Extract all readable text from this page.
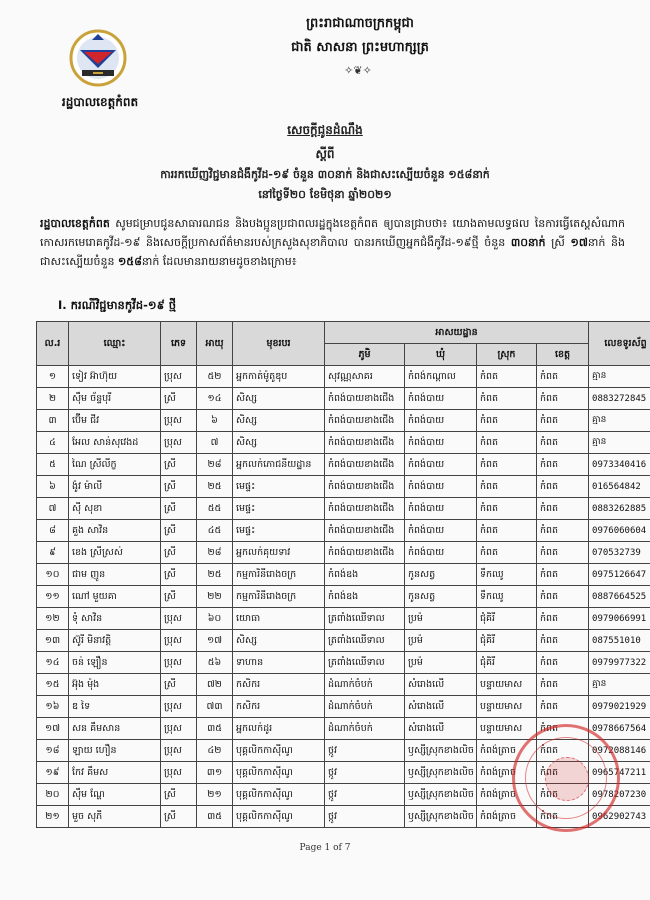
រដ្ឋបាលខេត្តកំពត
ព្រះរាជាណាចក្រកម្ពុជា
ជាតិ សាសនា ព្រះមហាក្សត្រ
✧❦✧
សេចក្តីជូនដំណឹង
ស្តីពី
ការរកឃើញវិជ្ជមានជំងឺកូវីដ-១៩ ចំនួន ៣០នាក់ និងជាសះស្បើយចំនួន ១៥៨នាក់
នៅថ្ងៃទី២០ ខែមិថុនា ឆ្នាំ២០២១
រដ្ឋបាលខេត្តកំពត សូមជម្រាបជូនសាធារណជន និងបងប្អូនប្រជាពលរដ្ឋក្នុងខេត្តកំពត ឲ្យបានជ្រាបថា៖ យោងតាមលទ្ធផល នៃការធ្វើតេស្តសំណាកកោសរកមេរោគកូវីដ-១៩ និងសេចក្តីប្រកាសព័ត៌មានរបស់ក្រសួងសុខាភិបាល បានរកឃើញអ្នកជំងឺកូវីដ-១៩ថ្មី ចំនួន ៣០នាក់ ស្រី ១៧នាក់ និងជាសះស្បើយចំនួន ១៥៨នាក់ ដែលមានរាយនាមដូចខាងក្រោម៖
I. ករណីវិជ្ជមានកូវីដ-១៩ ថ្មី
ល.រ	ឈ្មោះ	ភេទ	អាយុ	មុខរបរ	អាសយដ្ឋាន				លេខទូរស័ព្ទ
					ភូមិ	ឃុំ	ស្រុក	ខេត្ត	
១	ទៀវ អ៊ាហ៊ុយ	ប្រុស	៥២	អ្នកកាត់ម៉ូតូឌុប	សុវណ្ណសាគរ	កំពង់កណ្តាល	កំពត	កំពត	គ្មាន
២	ស៊ឹម ច័ន្ទបុរី	ស្រី	១៤	សិស្ស	កំពង់បាយខាងជើង	កំពង់បាយ	កំពត	កំពត	0883272845
៣	ប៊ើម ជីវ	ប្រុស	៦	សិស្ស	កំពង់បាយខាងជើង	កំពង់បាយ	កំពត	កំពត	គ្មាន
៤	អែល សាន់សុវេងដ	ប្រុស	៧	សិស្ស	កំពង់បាយខាងជើង	កំពង់បាយ	កំពត	កំពត	គ្មាន
៥	ណៃ ស្រីលីក្ខ	ស្រី	២៨	អ្នកលក់ភោជនីយដ្ឋាន	កំពង់បាយខាងជើង	កំពង់បាយ	កំពត	កំពត	0973340416
៦	ង៉ូវ ម៉ាលី	ស្រី	២៥	មេផ្ទះ	កំពង់បាយខាងជើង	កំពង់បាយ	កំពត	កំពត	016564842
៧	ស៊ី សុខា	ស្រី	៥៥	មេផ្ទះ	កំពង់បាយខាងជើង	កំពង់បាយ	កំពត	កំពត	0883262885
៨	គួង សាវិន	ស្រី	៤៥	មេផ្ទះ	កំពង់បាយខាងជើង	កំពង់បាយ	កំពត	កំពត	0976060604
៩	ខេង ស្រីស្រស់	ស្រី	២៨	អ្នកលក់គុយទាវ	កំពង់បាយខាងជើង	កំពង់បាយ	កំពត	កំពត	070532739
១០	ជាម ញូន	ស្រី	២៥	កម្មការិនីរោងចក្រ	កំពង់ឧង	កូនសត្វ	ទឹកឈូ	កំពត	0975126647
១១	ណៅ មួយគា	ស្រី	២២	កម្មការិនីរោងចក្រ	កំពង់ឧង	កូនសត្វ	ទឹកឈូ	កំពត	0887664525
១២	ទុំ សាវិន	ប្រុស	៦០	យោធា	ត្រពាំងឈើទាល	ប្រម៉	ជុំគិរី	កំពត	0979066991
១៣	ស៊ូរី មិនាវត្តិ	ប្រុស	១៧	សិស្ស	ត្រពាំងឈើទាល	ប្រម៉	ជុំគិរី	កំពត	087551010
១៤	ចន់ ឡឿន	ប្រុស	៥៦	ទាហាន	ត្រពាំងឈើទាល	ប្រម៉	ជុំគិរី	កំពត	0979977322
១៥	អ៊ុង ម៉ុង	ស្រី	៧២	កសិករ	ដំណាក់ចំបក់	សំរោងលើ	បន្ទាយមាស	កំពត	គ្មាន
១៦	ឌ ទៃ	ប្រុស	៧៣	កសិករ	ដំណាក់ចំបក់	សំរោងលើ	បន្ទាយមាស	កំពត	0979021929
១៧	សន គឹមសាន	ប្រុស	៣៥	អ្នកលក់ដូរ	ដំណាក់ចំបក់	សំរោងលើ	បន្ទាយមាស	កំពត	0978667564
១៨	ឡាយ ហឿន	ប្រុស	៤២	បុគ្គលិកកាស៊ីណូ	ថ្កូវ	ឫស្សីស្រុកខាងលិច	កំពង់ត្រាច	កំពត	0972088146
១៩	កែវ គឹមស	ប្រុស	៣១	បុគ្គលិកកាស៊ីណូ	ថ្កូវ	ឫស្សីស្រុកខាងលិច	កំពង់ត្រាច	កំពត	0965747211
២០	ស៊ឹម ណ្ហែ	ស្រី	២១	បុគ្គលិកកាស៊ីណូ	ថ្កូវ	ឫស្សីស្រុកខាងលិច	កំពង់ត្រាច	កំពត	0978207230
២១	មួច សុភី	ស្រី	៣៥	បុគ្គលិកកាស៊ីណូ	ថ្កូវ	ឫស្សីស្រុកខាងលិច	កំពង់ត្រាច	កំពត	0962902743
Page 1 of 7
